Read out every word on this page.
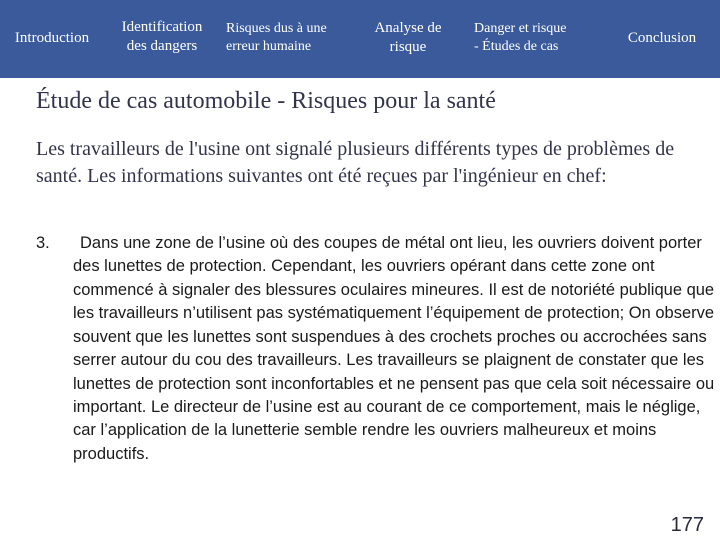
Introduction
Identification
des dangers
Risques dus à une
erreur humaine
Analyse de
risque
Danger et risque
- Études de cas	Conclusion
Étude de cas automobile - Risques pour la santé
Les travailleurs de l'usine ont signalé plusieurs différents types de problèmes de santé. Les informations suivantes ont été reçues par l'ingénieur en chef:
3.	Dans une zone de l’usine où des coupes de métal ont lieu, les ouvriers doivent porter des lunettes de protection. Cependant, les ouvriers opérant dans cette zone ont commencé à signaler des blessures oculaires mineures. Il est de notoriété publique que les travailleurs n’utilisent pas systématiquement l’équipement de protection; On observe souvent que les lunettes sont suspendues à des crochets proches ou accrochées sans serrer autour du cou des travailleurs. Les travailleurs se plaignent de constater que les lunettes de protection sont inconfortables et ne pensent pas que cela soit nécessaire ou important. Le directeur de l’usine est au courant de ce comportement, mais le néglige, car l’application de la lunetterie semble rendre les ouvriers malheureux et moins productifs.
177
